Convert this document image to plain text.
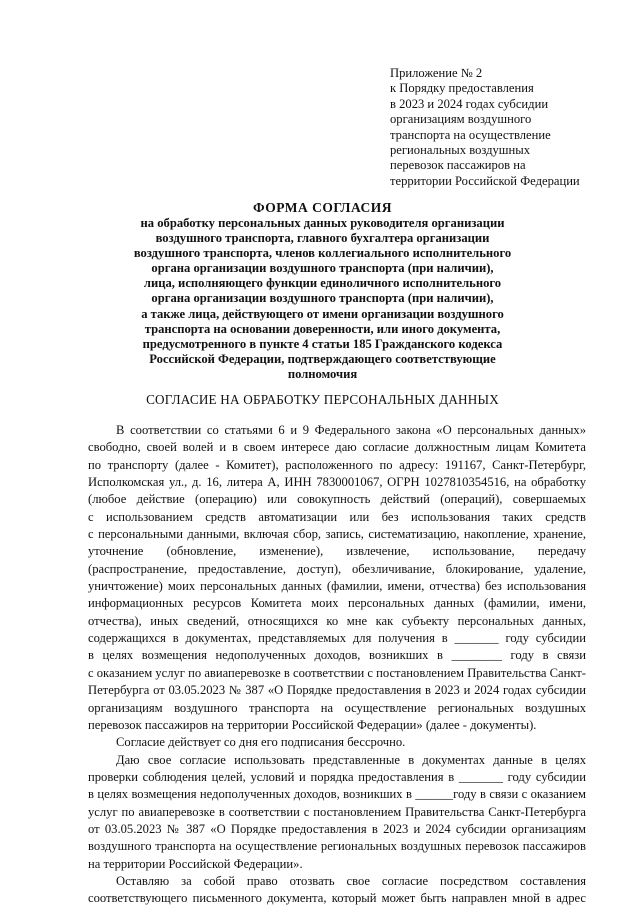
Приложение № 2
к Порядку предоставления
в 2023 и 2024 годах субсидии
организациям воздушного
транспорта на осуществление
региональных воздушных
перевозок пассажиров на
территории Российской Федерации
ФОРМА СОГЛАСИЯ
на обработку персональных данных руководителя организации
воздушного транспорта, главного бухгалтера организации
воздушного транспорта, членов коллегиального исполнительного
органа организации воздушного транспорта (при наличии),
лица, исполняющего функции единоличного исполнительного
органа организации воздушного транспорта (при наличии),
а также лица, действующего от имени организации воздушного
транспорта на основании доверенности, или иного документа,
предусмотренного в пункте 4 статьи 185 Гражданского кодекса
Российской Федерации, подтверждающего соответствующие
полномочия
СОГЛАСИЕ НА ОБРАБОТКУ ПЕРСОНАЛЬНЫХ ДАННЫХ
В соответствии со статьями 6 и 9 Федерального закона «О персональных данных»
свободно, своей волей и в своем интересе даю согласие должностным лицам Комитета
по транспорту (далее - Комитет), расположенного по адресу: 191167, Санкт-Петербург,
Исполкомская ул., д. 16, литера А, ИНН 7830001067, ОГРН 1027810354516, на обработку
(любое действие (операцию) или совокупность действий (операций), совершаемых
с использованием средств автоматизации или без использования таких средств
с персональными данными, включая сбор, запись, систематизацию, накопление, хранение,
уточнение (обновление, изменение), извлечение, использование, передачу
(распространение, предоставление, доступ), обезличивание, блокирование, удаление,
уничтожение) моих персональных данных (фамилии, имени, отчества) без использования
информационных ресурсов Комитета моих персональных данных (фамилии, имени,
отчества), иных сведений, относящихся ко мне как субъекту персональных данных,
содержащихся в документах, представляемых для получения в _______ году субсидии
в целях возмещения недополученных доходов, возникших в ________ году в связи
с оказанием услуг по авиаперевозке в соответствии с постановлением Правительства Санкт-
Петербурга от 03.05.2023 № 387 «О Порядке предоставления в 2023 и 2024 годах субсидии
организациям воздушного транспорта на осуществление региональных воздушных
перевозок пассажиров на территории Российской Федерации» (далее - документы).
Согласие действует со дня его подписания бессрочно.
Даю свое согласие использовать представленные в документах данные в целях
проверки соблюдения целей, условий и порядка предоставления в _______ году субсидии
в целях возмещения недополученных доходов, возникших в ______году в связи с оказанием
услуг по авиаперевозке в соответствии с постановлением Правительства Санкт-Петербурга
от 03.05.2023 № 387 «О Порядке предоставления в 2023 и 2024 субсидии организациям
воздушного транспорта на осуществление региональных воздушных перевозок пассажиров
на территории Российской Федерации».
Оставляю за собой право отозвать свое согласие посредством составления
соответствующего письменного документа, который может быть направлен мной в адрес
